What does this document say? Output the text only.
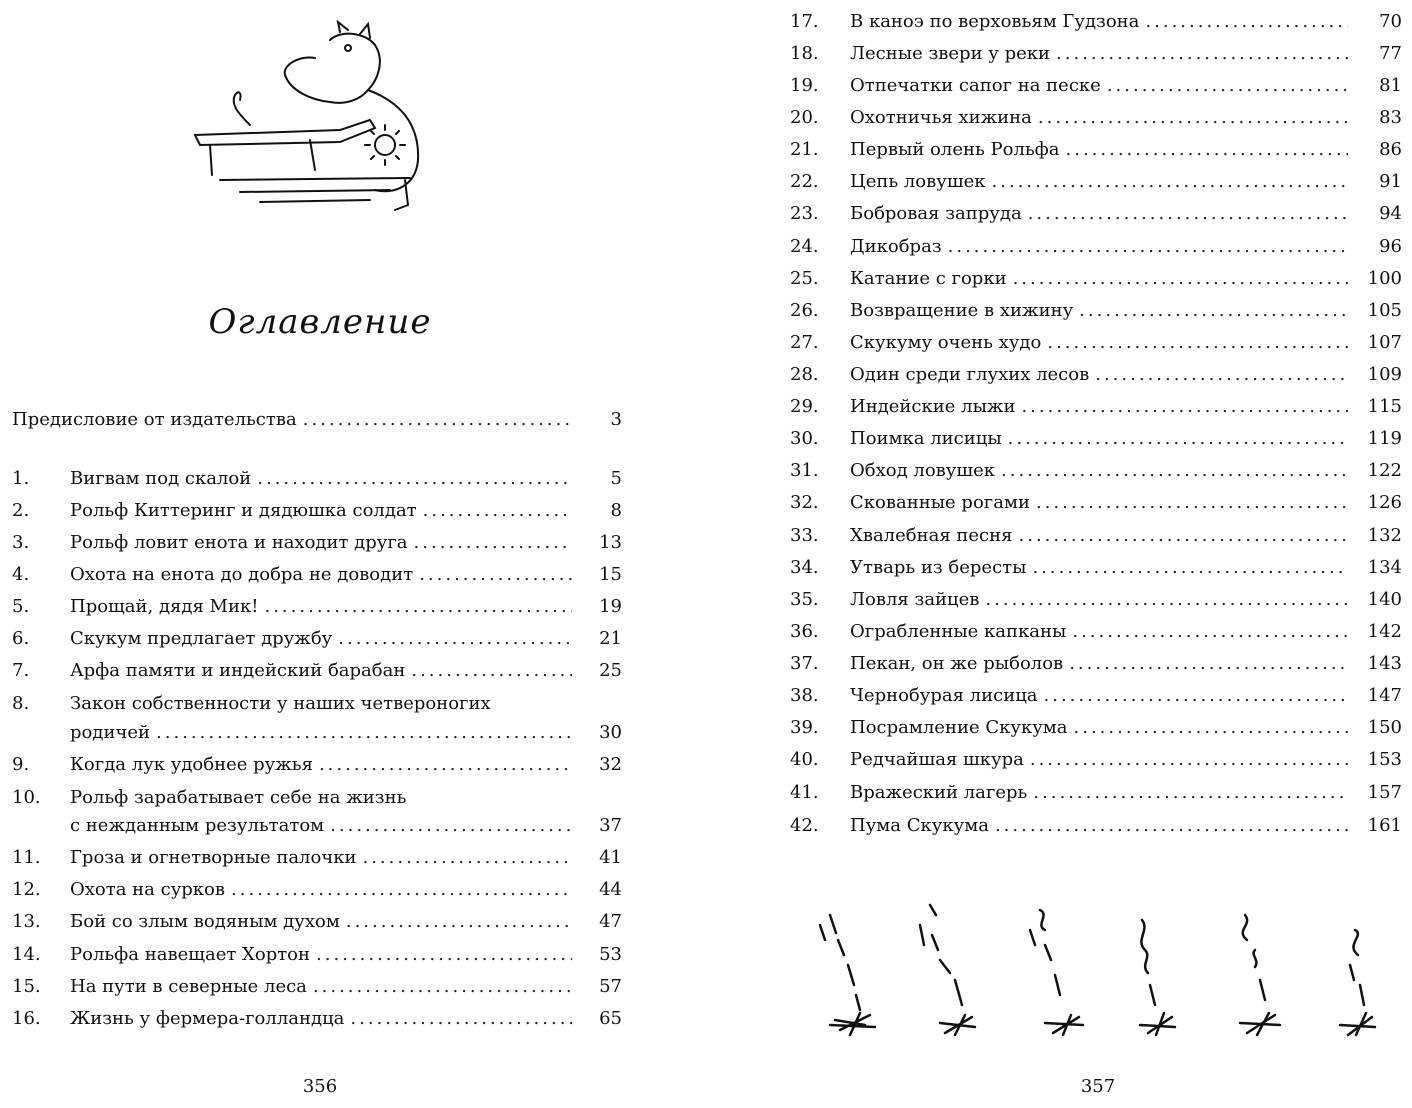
Оглавление
Предисловие от издательства .....	3
1.	Вигвам под скалой .....	5
2.	Рольф Киттеринг и дядюшка солдат .....	8
3.	Рольф ловит енота и находит друга .....	13
4.	Охота на енота до добра не доводит .....	15
5.	Прощай, дядя Мик! .....	19
6.	Скукум предлагает дружбу .....	21
7.	Арфа памяти и индейский барабан .....	25
8. Закон собственности у наших четвероногих
родичей .....	30
9.	Когда лук удобнее ружья .....	32
10. Рольф зарабатывает себе на жизнь
с нежданным результатом .....	37
11.	Гроза и огнетворные палочки .....	41
12.	Охота на сурков .....	44
13.	Бой со злым водяным духом .....	47
14.	Рольфа навещает Хортон .....	53
15.	На пути в северные леса .....	57
16.	Жизнь у фермера-голландца .....	65
356
17.	В каноэ по верховьям Гудзона .....	70
18.	Лесные звери у реки .....	77
19.	Отпечатки сапог на песке .....	81
20.	Охотничья хижина .....	83
21.	Первый олень Рольфа .....	86
22.	Цепь ловушек .....	91
23.	Бобровая запруда .....	94
24.	Дикобраз .....	96
25.	Катание с горки .....	100
26.	Возвращение в хижину .....	105
27.	Скукуму очень худо .....	107
28.	Один среди глухих лесов .....	109
29.	Индейские лыжи .....	115
30.	Поимка лисицы .....	119
31.	Обход ловушек .....	122
32.	Скованные рогами .....	126
33.	Хвалебная песня .....	132
34.	Утварь из бересты .....	134
35.	Ловля зайцев .....	140
36.	Ограбленные капканы .....	142
37.	Пекан, он же рыболов .....	143
38.	Чернобурая лисица .....	147
39.	Посрамление Скукума .....	150
40.	Редчайшая шкура .....	153
41.	Вражеский лагерь .....	157
42.	Пума Скукума .....	161
357
